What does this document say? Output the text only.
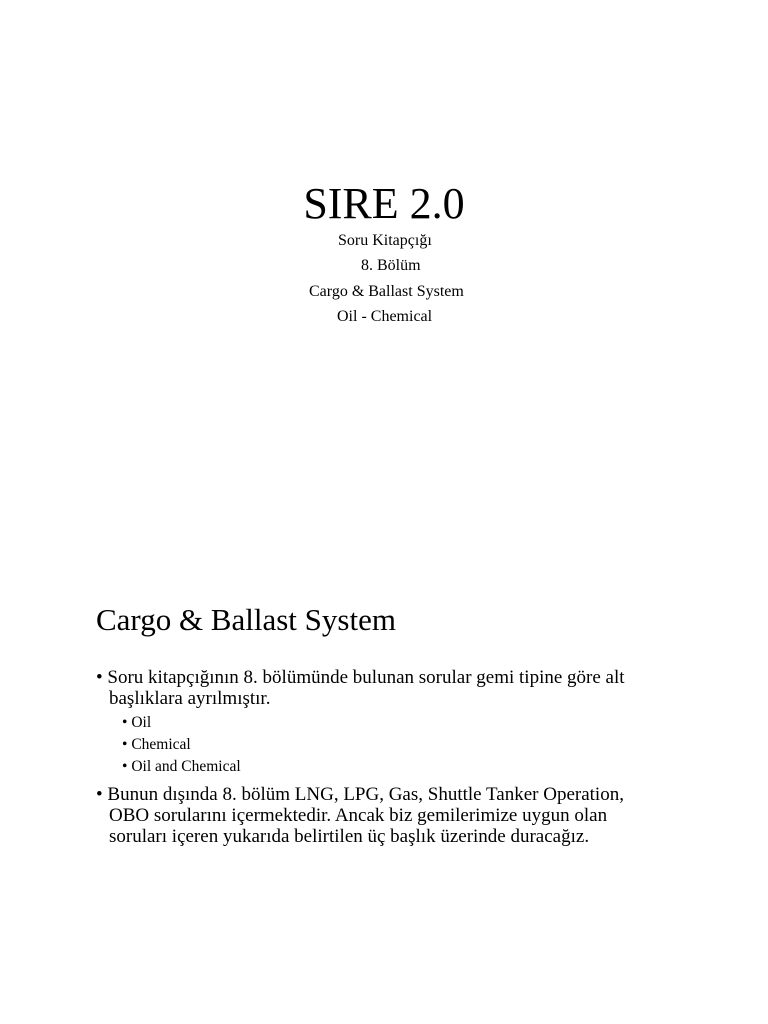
SIRE 2.0
Soru Kitapçığı
8. Bölüm
Cargo & Ballast System
Oil - Chemical
Cargo & Ballast System
• Soru kitapçığının 8. bölümünde bulunan sorular gemi tipine göre alt
başlıklara ayrılmıştır.
• Oil
• Chemical
• Oil and Chemical
• Bunun dışında 8. bölüm LNG, LPG, Gas, Shuttle Tanker Operation,
OBO sorularını içermektedir. Ancak biz gemilerimize uygun olan
soruları içeren yukarıda belirtilen üç başlık üzerinde duracağız.
